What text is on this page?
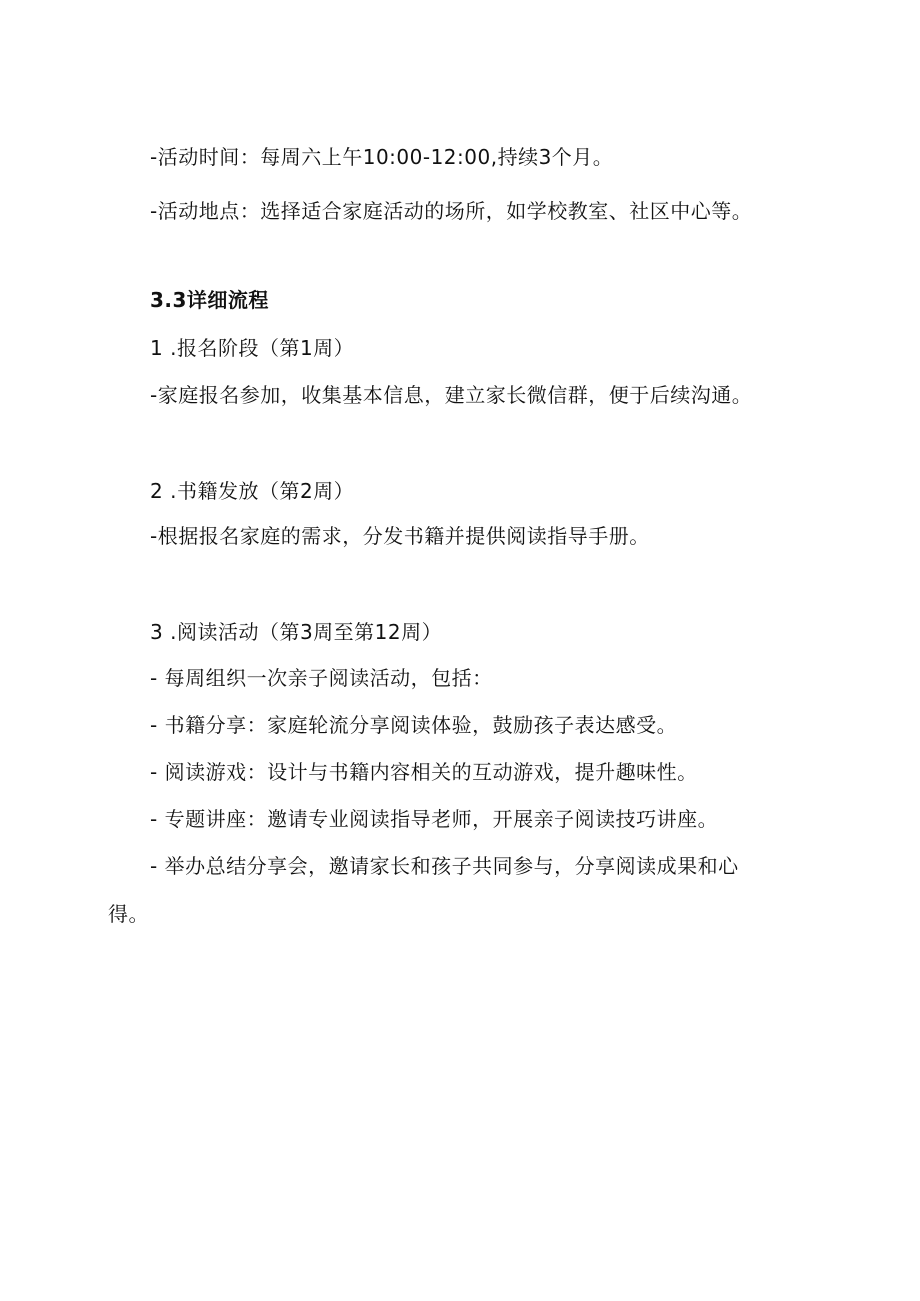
-活动时间：每周六上午10:00-12:00,持续3个月。
-活动地点：选择适合家庭活动的场所，如学校教室、社区中心等。
3.3详细流程
1 .报名阶段（第1周）
-家庭报名参加，收集基本信息，建立家长微信群，便于后续沟通。
2 .书籍发放（第2周）
-根据报名家庭的需求，分发书籍并提供阅读指导手册。
3 .阅读活动（第3周至第12周）
- 每周组织一次亲子阅读活动，包括：
- 书籍分享：家庭轮流分享阅读体验，鼓励孩子表达感受。
- 阅读游戏：设计与书籍内容相关的互动游戏，提升趣味性。
- 专题讲座：邀请专业阅读指导老师，开展亲子阅读技巧讲座。
- 举办总结分享会，邀请家长和孩子共同参与，分享阅读成果和心
得。
